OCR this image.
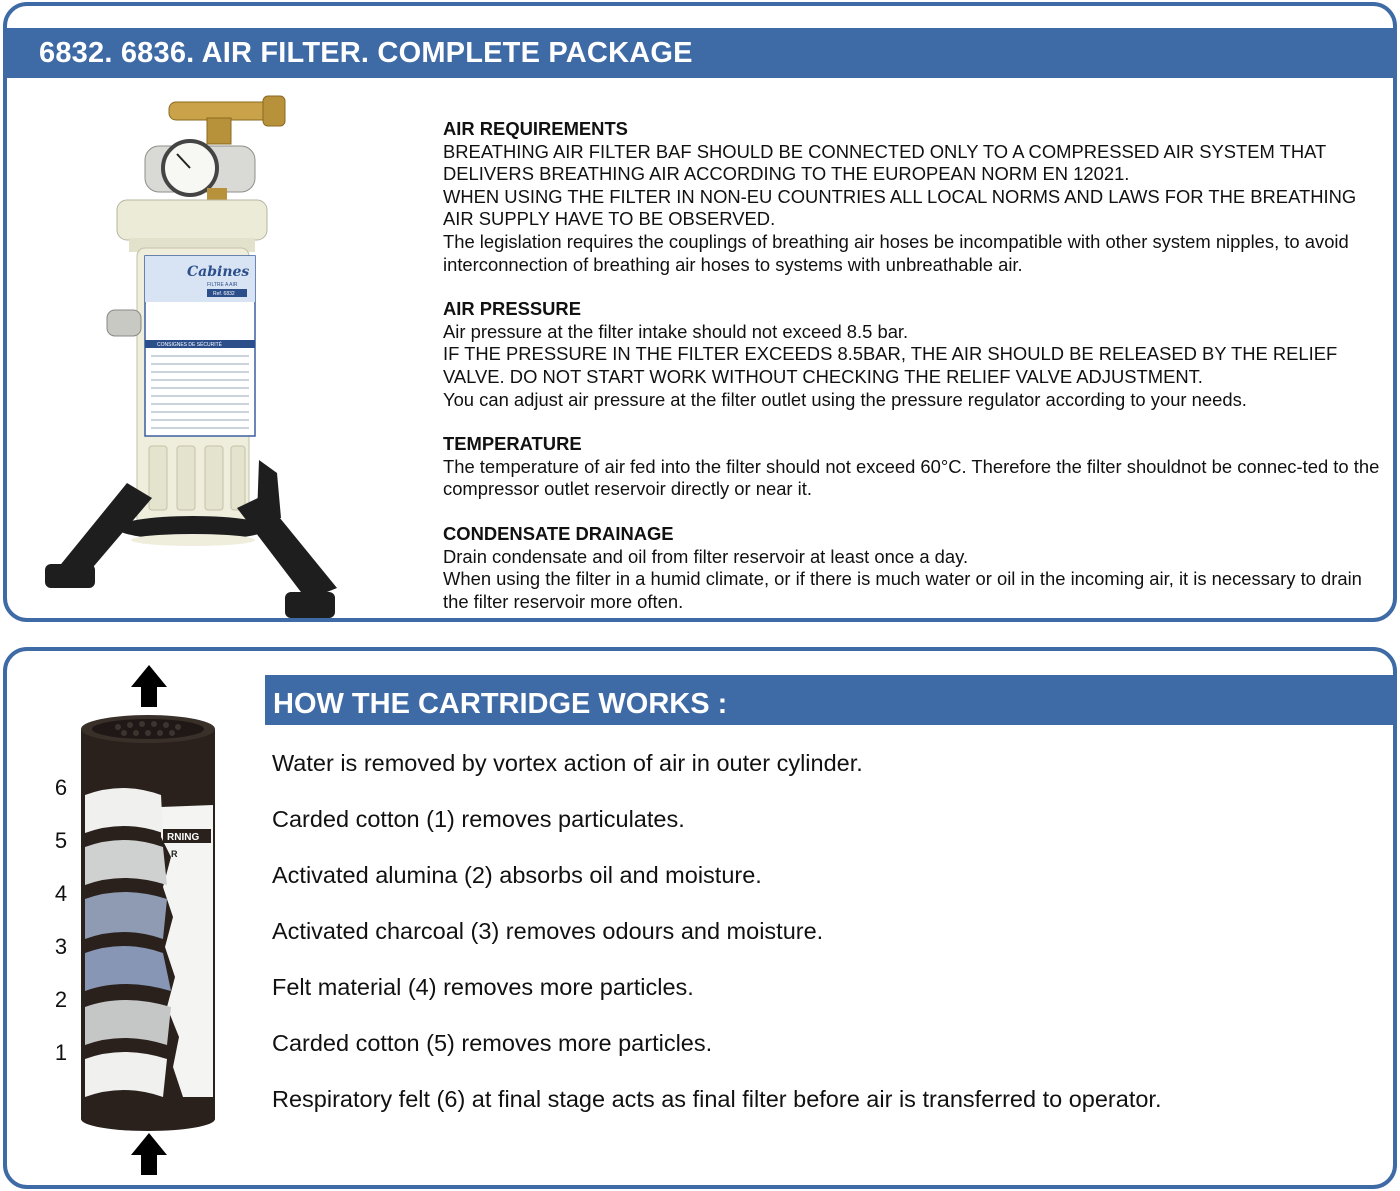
6832. 6836. AIR FILTER. COMPLETE PACKAGE
Cabines
FILTRE A AIR
Ref. 6832
CONSIGNES DE SÉCURITÉ
AIR REQUIREMENTS

BREATHING AIR FILTER BAF SHOULD BE CONNECTED ONLY TO A COMPRESSED AIR SYSTEM THAT DELIVERS BREATHING AIR ACCORDING TO THE EUROPEAN NORM EN 12021.

WHEN USING THE FILTER IN NON-EU COUNTRIES ALL LOCAL NORMS AND LAWS FOR THE BREATHING AIR SUPPLY HAVE TO BE OBSERVED.

The legislation requires the couplings of breathing air hoses be incompatible with other system nipples, to avoid interconnection of breathing air hoses to systems with unbreathable air.

AIR PRESSURE

Air pressure at the filter intake should not exceed 8.5 bar.

IF THE PRESSURE IN THE FILTER EXCEEDS 8.5BAR, THE AIR SHOULD BE RELEASED BY THE RELIEF VALVE. DO NOT START WORK WITHOUT CHECKING THE RELIEF VALVE ADJUSTMENT.

You can adjust air pressure at the filter outlet using the pressure regulator according to your needs.

TEMPERATURE

The temperature of air fed into the filter should not exceed 60°C. Therefore the filter shouldnot be connec-ted to the compressor outlet reservoir directly or near it.

CONDENSATE DRAINAGE

Drain condensate and oil from filter reservoir at least once a day.

When using the filter in a humid climate, or if there is much water or oil in the incoming air, it is necessary to drain the filter reservoir more often.

RNING
R
6
5
4
3
2
1
HOW THE CARTRIDGE WORKS :
Water is removed by vortex action of air in outer cylinder.
Carded cotton (1) removes particulates.
Activated alumina (2) absorbs oil and moisture.
Activated charcoal (3) removes odours and moisture.
Felt material (4) removes more particles.
Carded cotton (5) removes more particles.
Respiratory felt (6) at final stage acts as final filter before air is transferred to operator.
